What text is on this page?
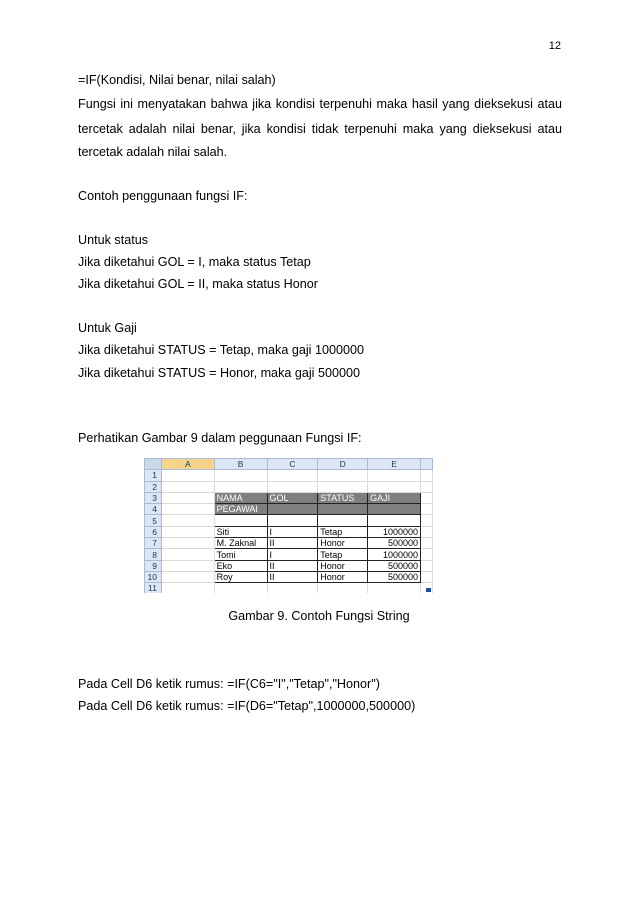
12
=IF(Kondisi, Nilai benar, nilai salah)
Fungsi ini menyatakan bahwa jika kondisi terpenuhi maka hasil yang dieksekusi atau
tercetak adalah nilai benar, jika kondisi tidak terpenuhi maka yang dieksekusi atau
tercetak adalah nilai salah.
Contoh penggunaan fungsi IF:
Untuk status
Jika diketahui GOL = I, maka status Tetap
Jika diketahui GOL = II, maka status Honor
Untuk Gaji
Jika diketahui STATUS = Tetap, maka gaji 1000000
Jika diketahui STATUS = Honor, maka gaji 500000
Perhatikan Gambar 9 dalam peggunaan Fungsi IF:
	A	B	C	D	E	
1						
2						
3		NAMA	GOL	STATUS	GAJI	
4		PEGAWAI				
5						
6		Siti	I	Tetap	1000000	
7		M. Zaknal	II	Honor	500000	
8		Tomi	I	Tetap	1000000	
9		Eko	II	Honor	500000	
10		Roy	II	Honor	500000	
11						
Gambar 9. Contoh Fungsi String
Pada Cell D6 ketik rumus: =IF(C6="I","Tetap","Honor")
Pada Cell D6 ketik rumus: =IF(D6="Tetap",1000000,500000)
